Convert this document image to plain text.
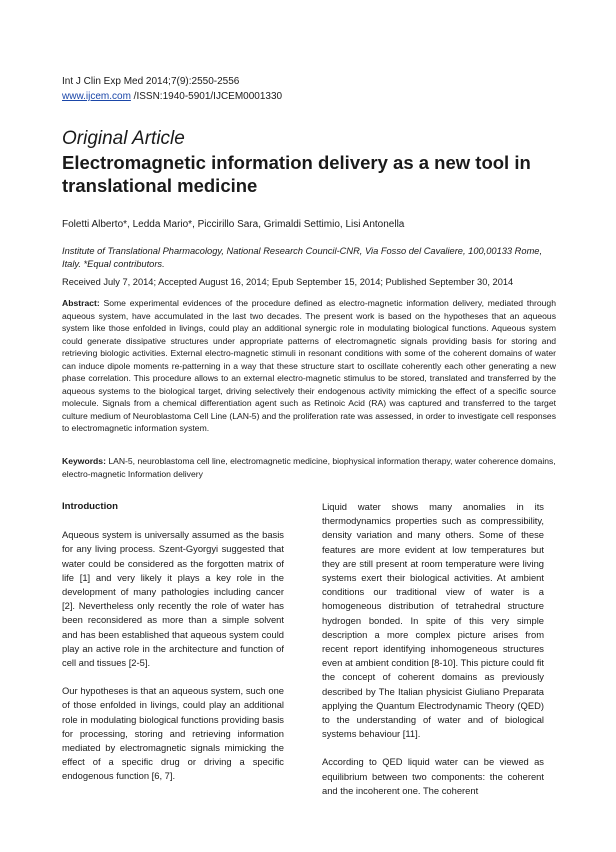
Int J Clin Exp Med 2014;7(9):2550-2556
www.ijcem.com /ISSN:1940-5901/IJCEM0001330
Original Article
Electromagnetic information delivery as a new tool in translational medicine
Foletti Alberto*, Ledda Mario*, Piccirillo Sara, Grimaldi Settimio, Lisi Antonella
Institute of Translational Pharmacology, National Research Council-CNR, Via Fosso del Cavaliere, 100,00133 Rome, Italy. *Equal contributors.
Received July 7, 2014; Accepted August 16, 2014; Epub September 15, 2014; Published September 30, 2014
Abstract: Some experimental evidences of the procedure defined as electro-magnetic information delivery, mediated through aqueous system, have accumulated in the last two decades. The present work is based on the hypotheses that an aqueous system like those enfolded in livings, could play an additional synergic role in modulating biological functions. Aqueous system could generate dissipative structures under appropriate patterns of electromagnetic signals providing basis for storing and retrieving biologic activities. External electro-magnetic stimuli in resonant conditions with some of the coherent domains of water can induce dipole moments re-patterning in a way that these structure start to oscillate coherently each other generating a new phase correlation. This procedure allows to an external electro-magnetic stimulus to be stored, translated and transferred by the aqueous systems to the biological target, driving selectively their endogenous activity mimicking the effect of a specific source molecule. Signals from a chemical differentiation agent such as Retinoic Acid (RA) was captured and transferred to the target culture medium of Neuroblastoma Cell Line (LAN-5) and the proliferation rate was assessed, in order to investigate cell responses to electromagnetic information system.
Keywords: LAN-5, neuroblastoma cell line, electromagnetic medicine, biophysical information therapy, water coherence domains, electro-magnetic Information delivery
Introduction

Aqueous system is universally assumed as the basis for any living process. Szent-Gyorgyi suggested that water could be considered as the forgotten matrix of life [1] and very likely it plays a key role in the development of many pathologies including cancer [2]. Nevertheless only recently the role of water has been reconsidered as more than a simple solvent and has been established that aqueous system could play an active role in the architecture and function of cell and tissues [2-5].

Our hypotheses is that an aqueous system, such one of those enfolded in livings, could play an additional role in modulating biological functions providing basis for processing, storing and retrieving information mediated by electromagnetic signals mimicking the effect of a specific drug or driving a specific endogenous function [6, 7].

Liquid water shows many anomalies in its thermodynamics properties such as compressibility, density variation and many others. Some of these features are more evident at low temperatures but they are still present at room temperature were living systems exert their biological activities. At ambient conditions our traditional view of water is a homogeneous distribution of tetrahedral structure hydrogen bonded. In spite of this very simple description a more complex picture arises from recent report identifying inhomogeneous structures even at ambient condition [8-10]. This picture could fit the concept of coherent domains as previously described by The Italian physicist Giuliano Preparata applying the Quantum Electrodynamic Theory (QED) to the understanding of water and of biological systems behaviour [11].

According to QED liquid water can be viewed as equilibrium between two components: the coherent and the incoherent one. The coherent
